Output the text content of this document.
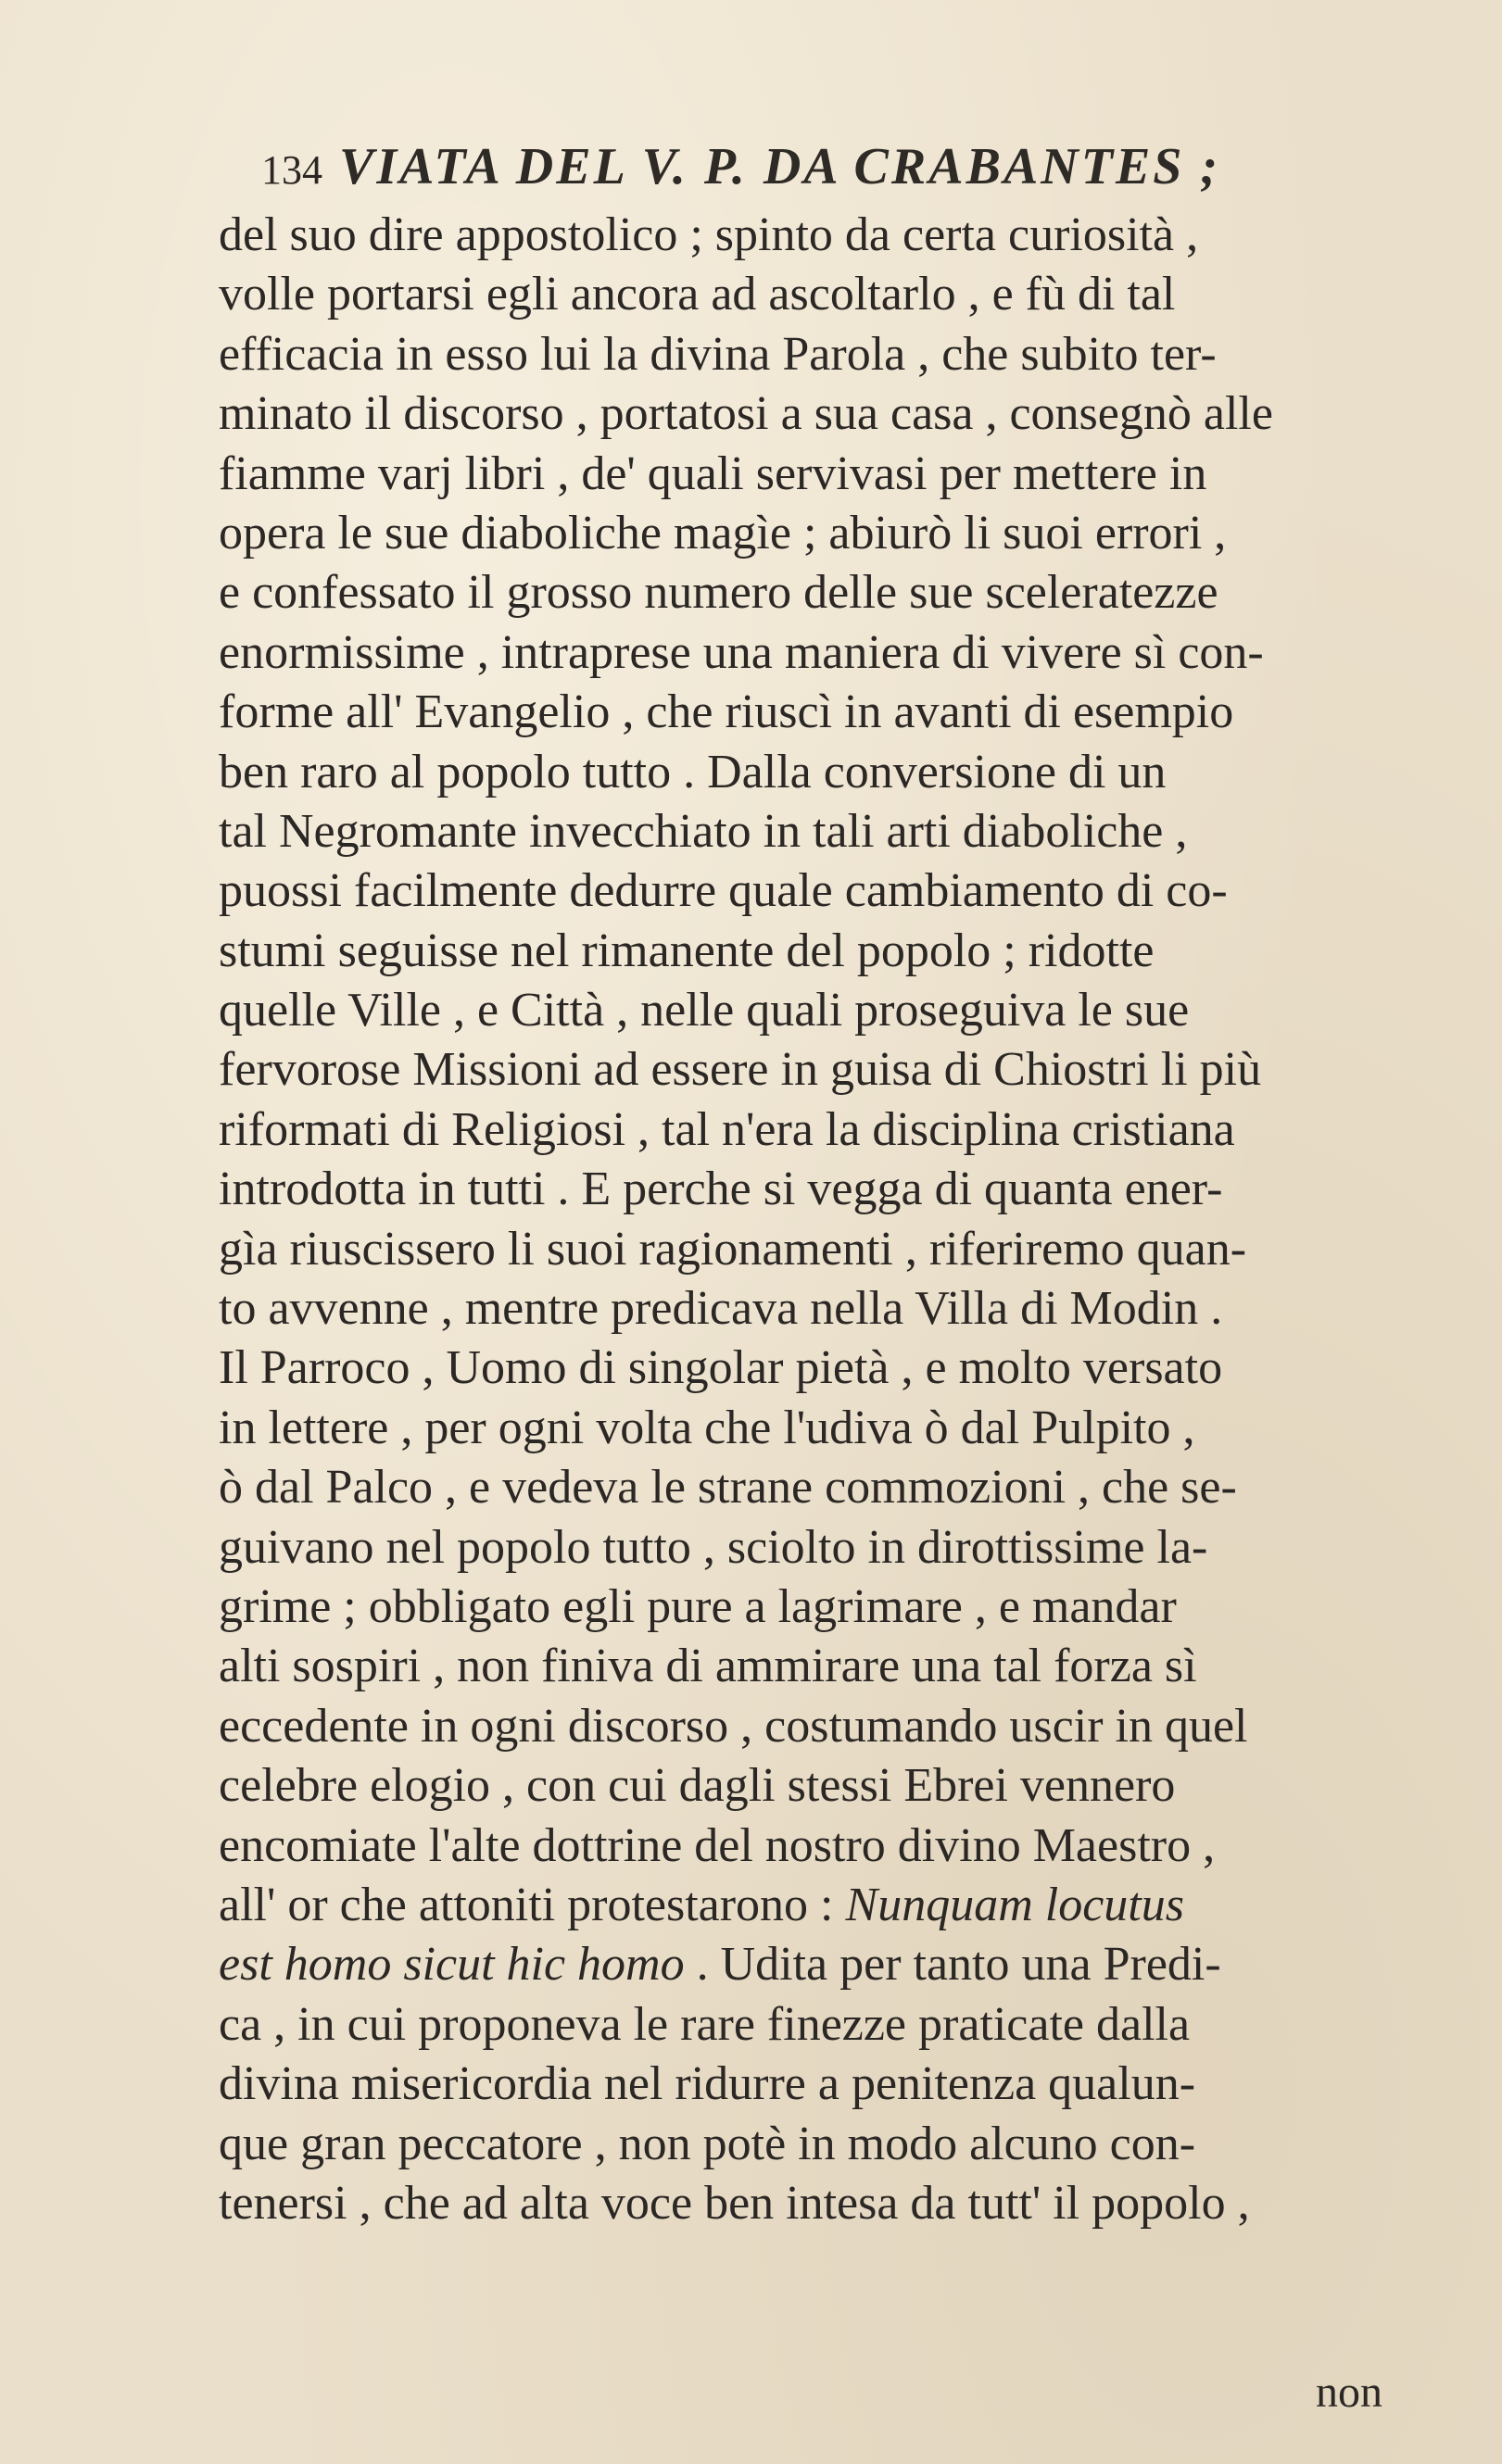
134 VIATA DEL V. P. DA CRABANTES ;
del suo dire appostolico ; spinto da certa curiosità ,
volle portarsi egli ancora ad ascoltarlo , e fù di tal
efficacia in esso lui la divina Parola , che subito ter-
minato il discorso , portatosi a sua casa , consegnò alle
fiamme varj libri , de' quali servivasi per mettere in
opera le sue diaboliche magìe ; abiurò li suoi errori ,
e confessato il grosso numero delle sue sceleratezze
enormissime , intraprese una maniera di vivere sì con-
forme all' Evangelio , che riuscì in avanti di esempio
ben raro al popolo tutto . Dalla conversione di un
tal Negromante invecchiato in tali arti diaboliche ,
puossi facilmente dedurre quale cambiamento di co-
stumi seguisse nel rimanente del popolo ; ridotte
quelle Ville , e Città , nelle quali proseguiva le sue
fervorose Missioni ad essere in guisa di Chiostri li più
riformati di Religiosi , tal n'era la disciplina cristiana
introdotta in tutti . E perche si vegga di quanta ener-
gìa riuscissero li suoi ragionamenti , riferiremo quan-
to avvenne , mentre predicava nella Villa di Modin .
Il Parroco , Uomo di singolar pietà , e molto versato
in lettere , per ogni volta che l'udiva ò dal Pulpito ,
ò dal Palco , e vedeva le strane commozioni , che se-
guivano nel popolo tutto , sciolto in dirottissime la-
grime ; obbligato egli pure a lagrimare , e mandar
alti sospiri , non finiva di ammirare una tal forza sì
eccedente in ogni discorso , costumando uscir in quel
celebre elogio , con cui dagli stessi Ebrei vennero
encomiate l'alte dottrine del nostro divino Maestro ,
all' or che attoniti protestarono : Nunquam locutus
est homo sicut hic homo . Udita per tanto una Predi-
ca , in cui proponeva le rare finezze praticate dalla
divina misericordia nel ridurre a penitenza qualun-
que gran peccatore , non potè in modo alcuno con-
tenersi , che ad alta voce ben intesa da tutt' il popolo ,
non
